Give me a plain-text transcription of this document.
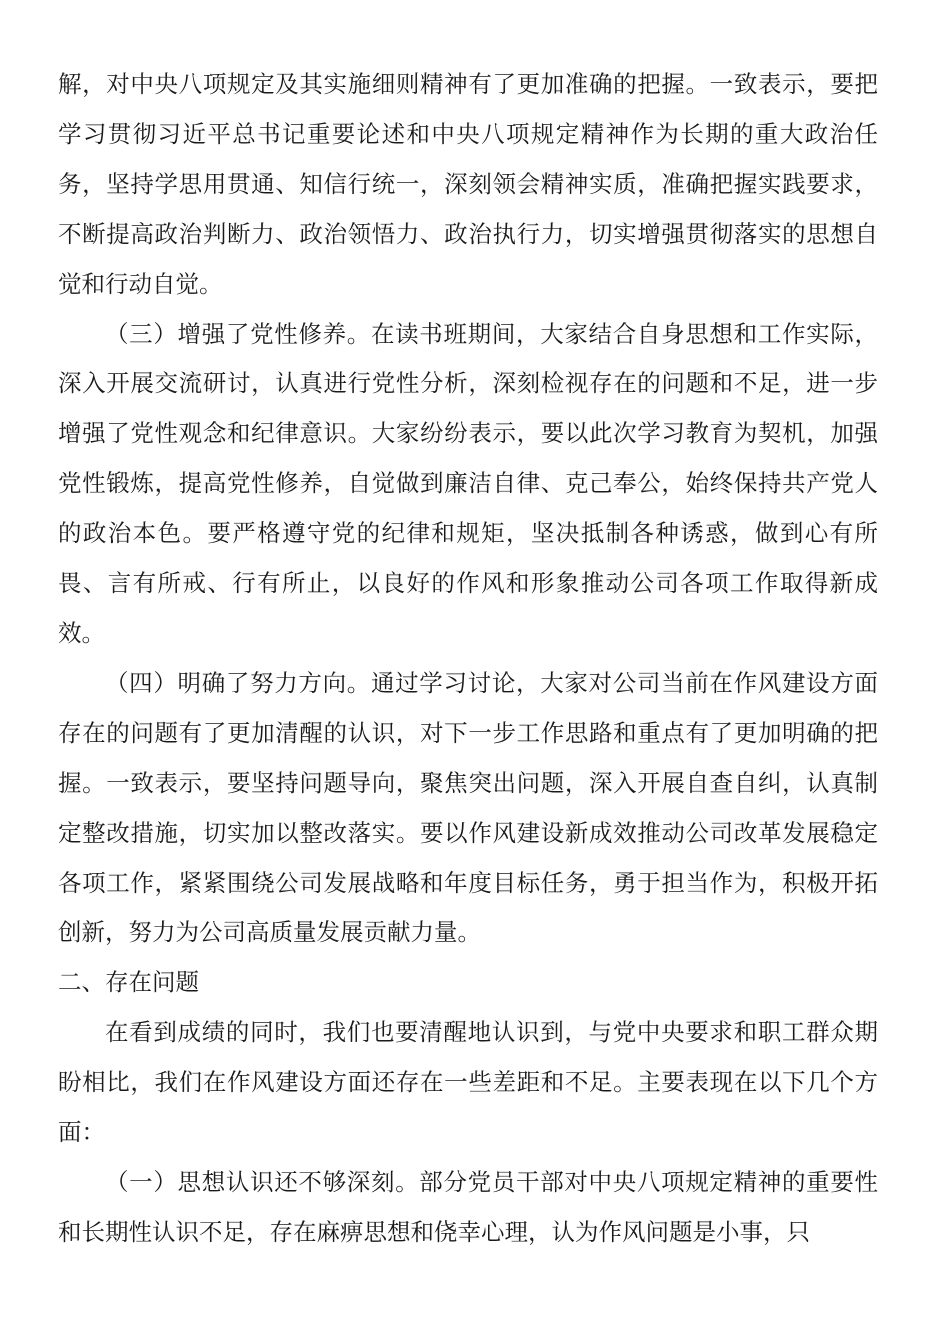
解，对中央八项规定及其实施细则精神有了更加准确的把握。一致表示，要把学习贯彻习近平总书记重要论述和中央八项规定精神作为长期的重大政治任务，坚持学思用贯通、知信行统一，深刻领会精神实质，准确把握实践要求，不断提高政治判断力、政治领悟力、政治执行力，切实增强贯彻落实的思想自觉和行动自觉。

（三）增强了党性修养。在读书班期间，大家结合自身思想和工作实际，深入开展交流研讨，认真进行党性分析，深刻检视存在的问题和不足，进一步增强了党性观念和纪律意识。大家纷纷表示，要以此次学习教育为契机，加强党性锻炼，提高党性修养，自觉做到廉洁自律、克己奉公，始终保持共产党人的政治本色。要严格遵守党的纪律和规矩，坚决抵制各种诱惑，做到心有所畏、言有所戒、行有所止，以良好的作风和形象推动公司各项工作取得新成效。

（四）明确了努力方向。通过学习讨论，大家对公司当前在作风建设方面存在的问题有了更加清醒的认识，对下一步工作思路和重点有了更加明确的把握。一致表示，要坚持问题导向，聚焦突出问题，深入开展自查自纠，认真制定整改措施，切实加以整改落实。要以作风建设新成效推动公司改革发展稳定各项工作，紧紧围绕公司发展战略和年度目标任务，勇于担当作为，积极开拓创新，努力为公司高质量发展贡献力量。

二、存在问题

在看到成绩的同时，我们也要清醒地认识到，与党中央要求和职工群众期盼相比，我们在作风建设方面还存在一些差距和不足。主要表现在以下几个方面：

（一）思想认识还不够深刻。部分党员干部对中央八项规定精神的重要性和长期性认识不足，存在麻痹思想和侥幸心理，认为作风问题是小事，只
